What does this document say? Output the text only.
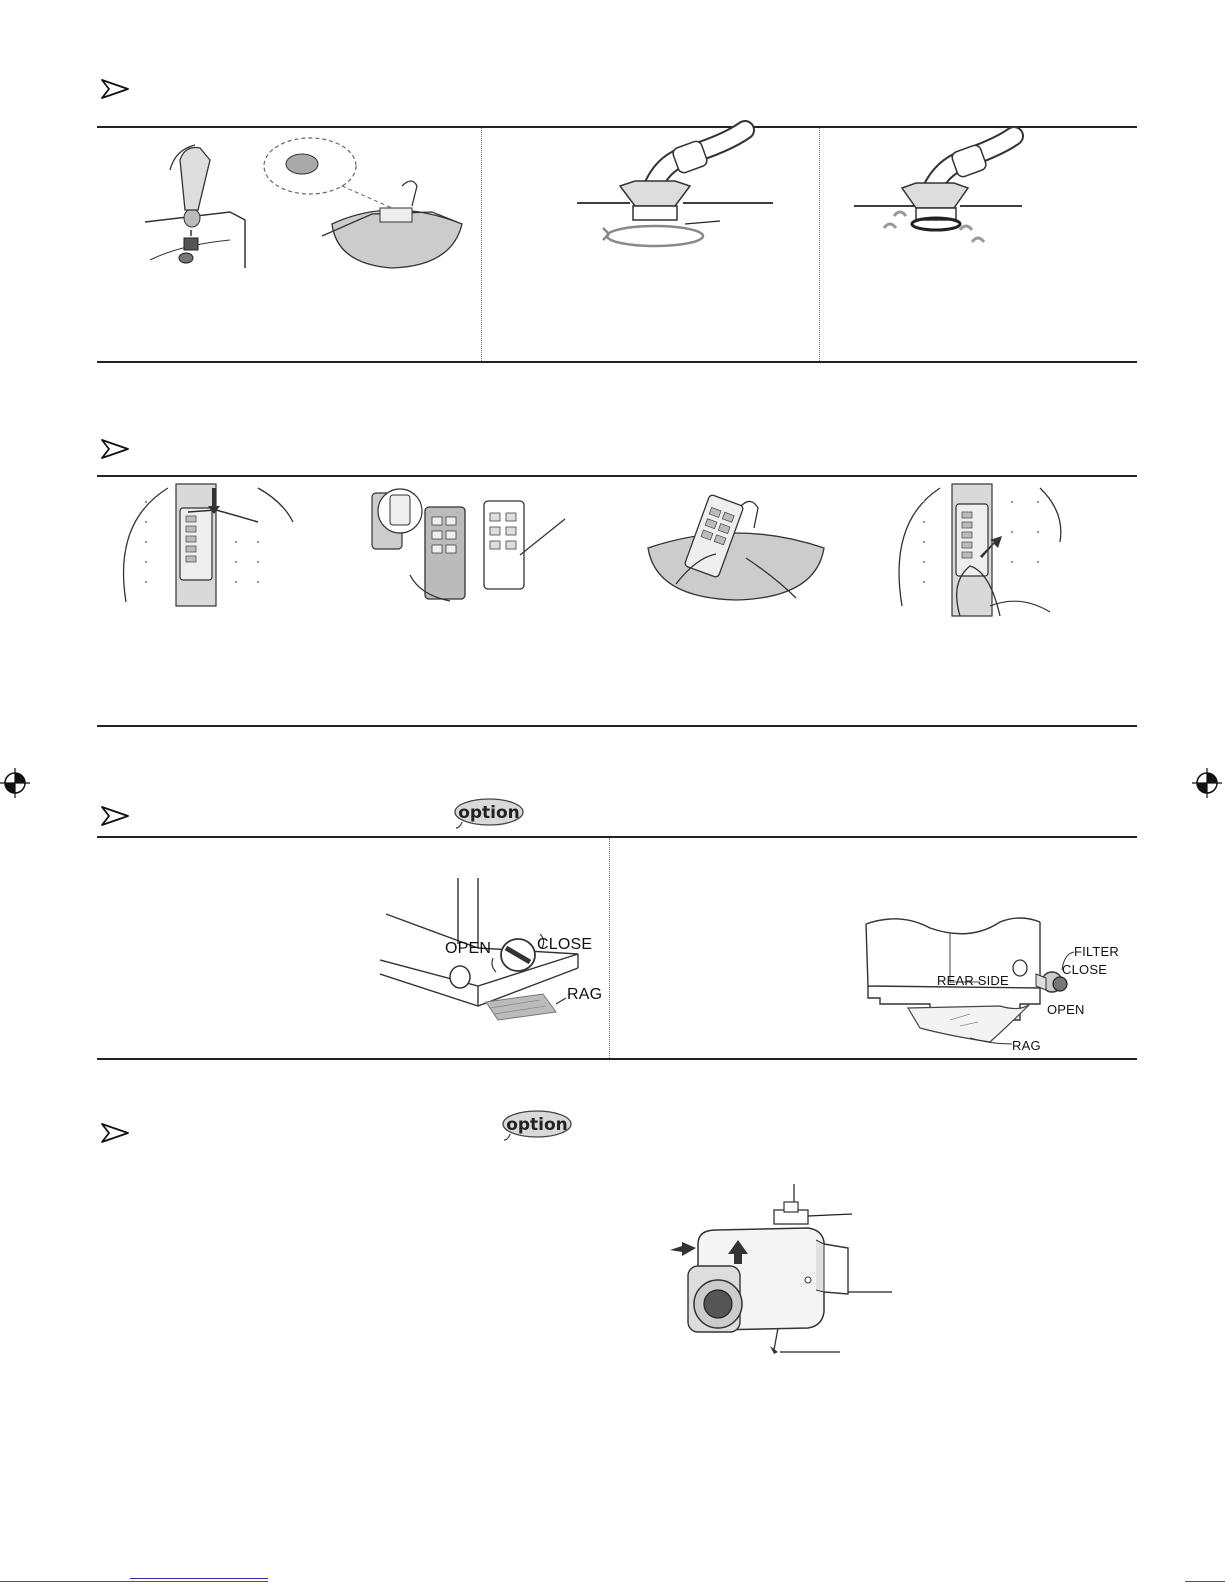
option
OPEN	CLOSE
RAG
FILTER
CLOSE
REAR SIDE
OPEN
RAG
option
